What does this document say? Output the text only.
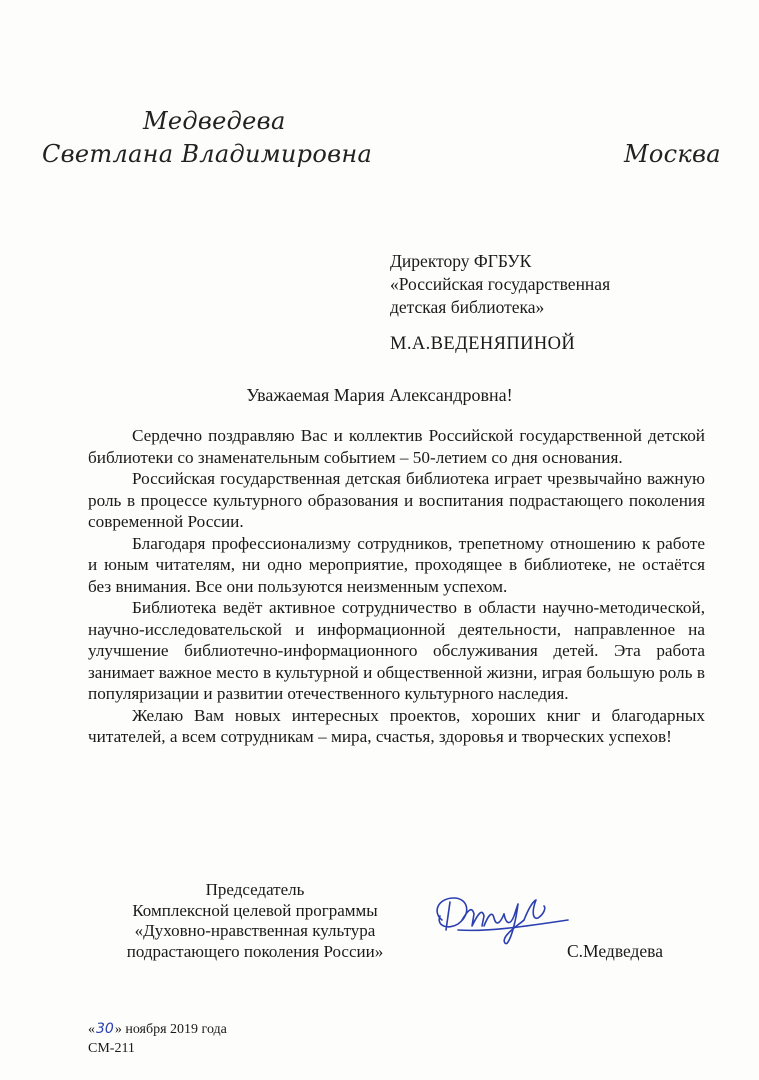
Медведева
Светлана Владимировна	Москва
Директору ФГБУК
«Российская государственная
детская библиотека»
М.А.ВЕДЕНЯПИНОЙ
Уважаемая Мария Александровна!

Сердечно поздравляю Вас и коллектив Российской государственной детской библиотеки со знаменательным событием – 50-летием со дня основания.

Российская государственная детская библиотека играет чрезвычайно важную роль в процессе культурного образования и воспитания подрастающего поколения современной России.

Благодаря профессионализму сотрудников, трепетному отношению к работе и юным читателям, ни одно мероприятие, проходящее в библиотеке, не остаётся без внимания. Все они пользуются неизменным успехом.

Библиотека ведёт активное сотрудничество в области научно-методической, научно-исследовательской и информационной деятельности, направленное на улучшение библиотечно-информационного обслуживания детей. Эта работа занимает важное место в культурной и общественной жизни, играя большую роль в популяризации и развитии отечественного культурного наследия.

Желаю Вам новых интересных проектов, хороших книг и благодарных читателей, а всем сотрудникам – мира, счастья, здоровья и творческих успехов!

Председатель
Комплексной целевой программы
«Духовно-нравственная культура
подрастающего поколения России»	С.Медведева
«30» ноября 2019 года
СМ-211
